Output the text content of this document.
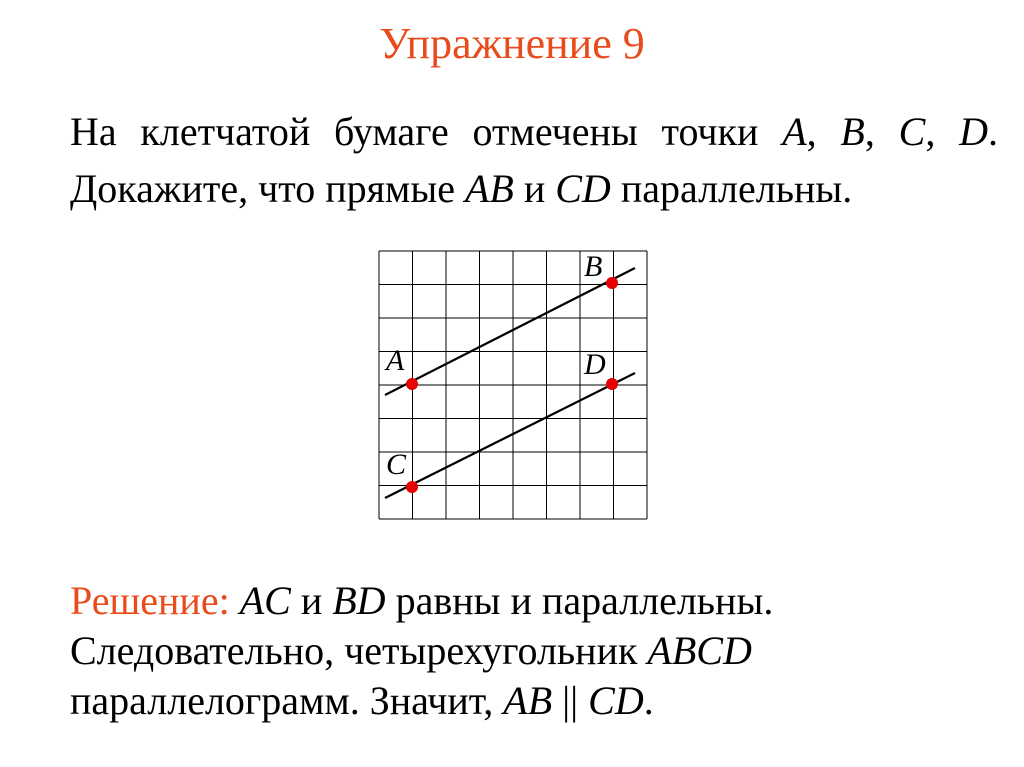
Упражнение 9
На клетчатой бумаге отмечены точки A, B, C, D. Докажите, что прямые AB и CD параллельны.
A
B
C
D
Решение: AC и BD равны и параллельны.
Следовательно, четырехугольник ABCD
параллелограмм. Значит, AB || CD.
